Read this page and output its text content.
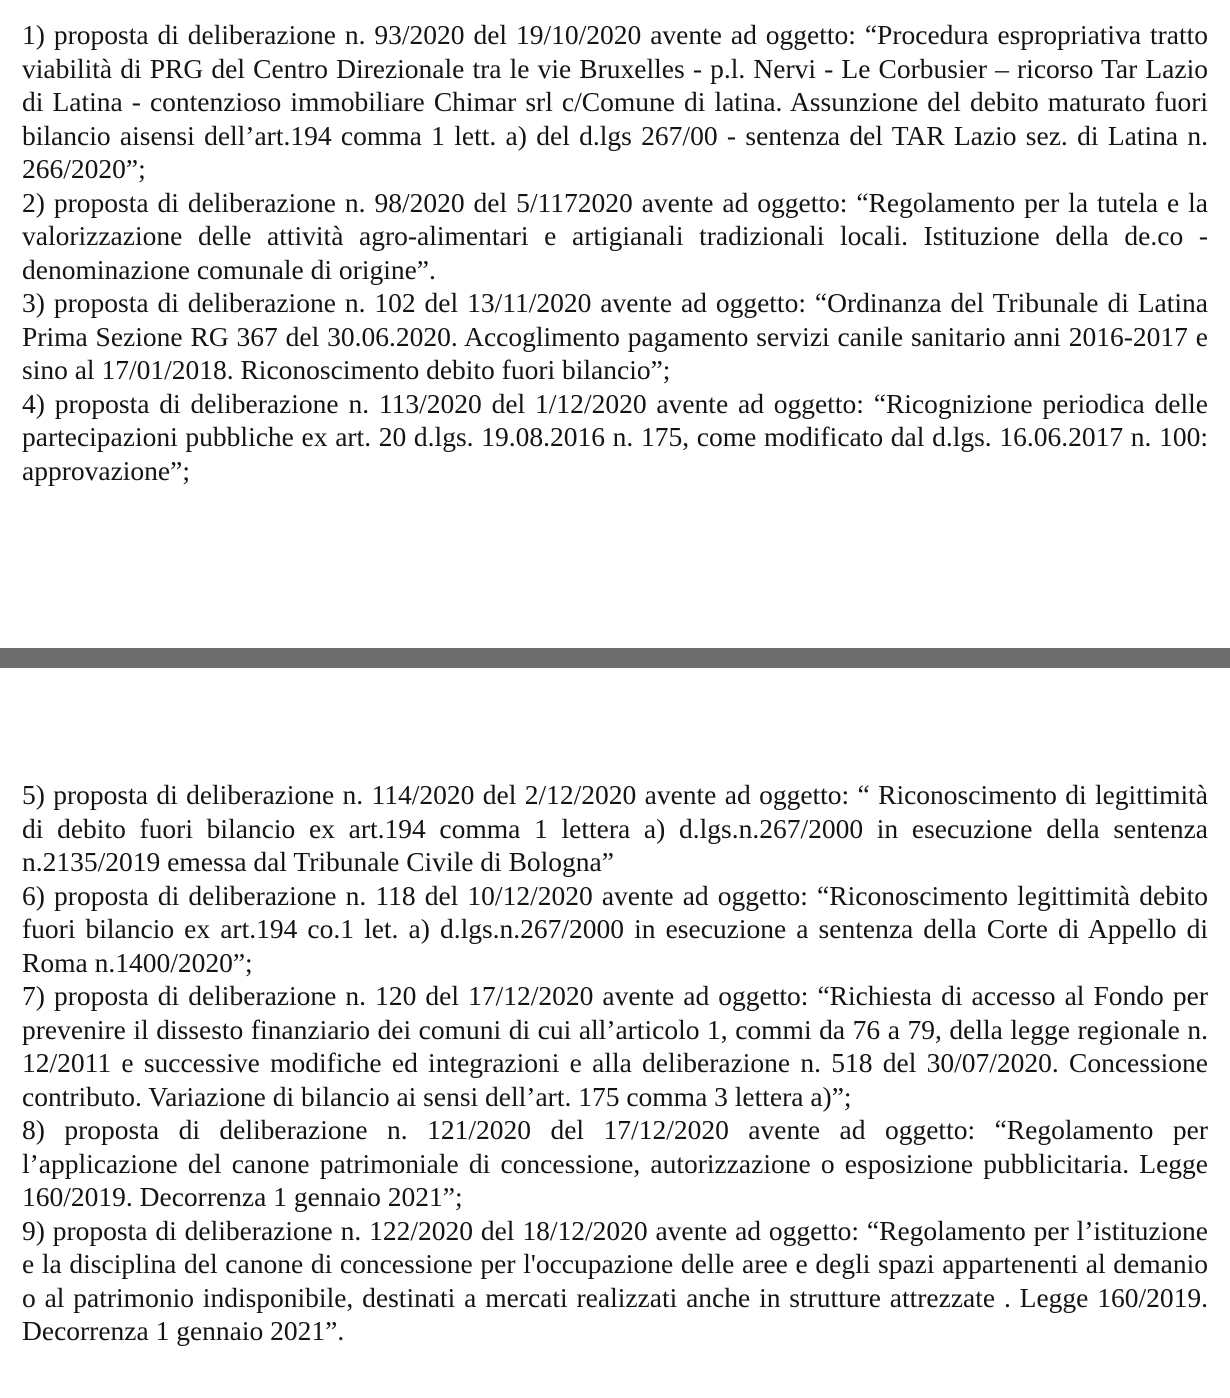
1) proposta di deliberazione n. 93/2020 del 19/10/2020 avente ad oggetto: “Procedura espropriativa tratto viabilità di PRG del Centro Direzionale tra le vie Bruxelles - p.l. Nervi - Le Corbusier – ricorso Tar Lazio di Latina - contenzioso immobiliare Chimar srl c/Comune di latina. Assunzione del debito maturato fuori bilancio aisensi dell’art.194 comma 1 lett. a) del d.lgs 267/00 - sentenza del TAR Lazio sez. di Latina n. 266/2020”;

2) proposta di deliberazione n. 98/2020 del 5/1172020 avente ad oggetto: “Regolamento per la tutela e la valorizzazione delle attività agro-alimentari e artigianali tradizionali locali. Istituzione della de.co - denominazione comunale di origine”.

3) proposta di deliberazione n. 102 del 13/11/2020 avente ad oggetto: “Ordinanza del Tribunale di Latina Prima Sezione RG 367 del 30.06.2020. Accoglimento pagamento servizi canile sanitario anni 2016-2017 e sino al 17/01/2018. Riconoscimento debito fuori bilancio”;

4) proposta di deliberazione n. 113/2020 del 1/12/2020 avente ad oggetto: “Ricognizione periodica delle partecipazioni pubbliche ex art. 20 d.lgs. 19.08.2016 n. 175, come modificato dal d.lgs. 16.06.2017 n. 100: approvazione”;

5) proposta di deliberazione n. 114/2020 del 2/12/2020 avente ad oggetto: “ Riconoscimento di legittimità di debito fuori bilancio ex art.194 comma 1 lettera a) d.lgs.n.267/2000 in esecuzione della sentenza n.2135/2019 emessa dal Tribunale Civile di Bologna”

6) proposta di deliberazione n. 118 del 10/12/2020 avente ad oggetto: “Riconoscimento legittimità debito fuori bilancio ex art.194 co.1 let. a) d.lgs.n.267/2000 in esecuzione a sentenza della Corte di Appello di Roma n.1400/2020”;

7) proposta di deliberazione n. 120 del 17/12/2020 avente ad oggetto: “Richiesta di accesso al Fondo per prevenire il dissesto finanziario dei comuni di cui all’articolo 1, commi da 76 a 79, della legge regionale n. 12/2011 e successive modifiche ed integrazioni e alla deliberazione n. 518 del 30/07/2020. Concessione contributo. Variazione di bilancio ai sensi dell’art. 175 comma 3 lettera a)”;

8) proposta di deliberazione n. 121/2020 del 17/12/2020 avente ad oggetto: “Regolamento per l’applicazione del canone patrimoniale di concessione, autorizzazione o esposizione pubblicitaria. Legge 160/2019. Decorrenza 1 gennaio 2021”;

9) proposta di deliberazione n. 122/2020 del 18/12/2020 avente ad oggetto: “Regolamento per l’istituzione e la disciplina del canone di concessione per l'occupazione delle aree e degli spazi appartenenti al demanio o al patrimonio indisponibile, destinati a mercati realizzati anche in strutture attrezzate . Legge 160/2019. Decorrenza 1 gennaio 2021”.
